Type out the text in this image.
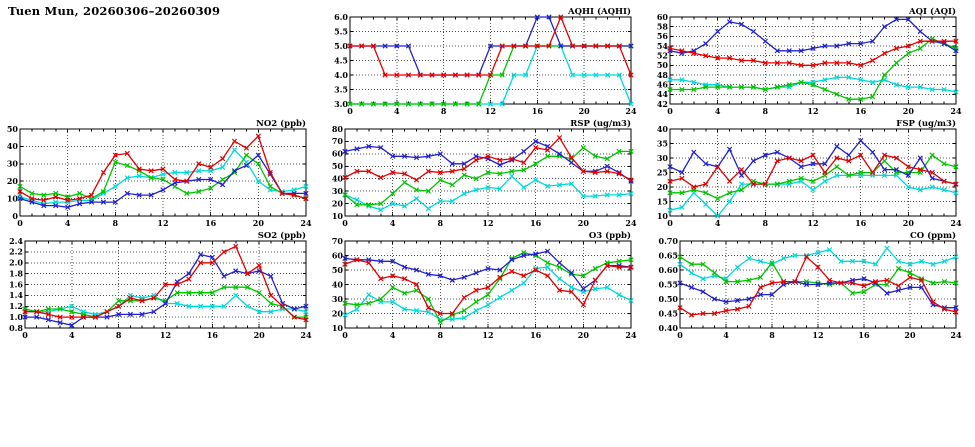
Tuen Mun, 20260306–20260309
3.0
3.5
4.0
4.5
5.0
5.5
6.0
0	4	8	12	16	20	24
AQHI (AQHI)
42
44
46
48
50
52
54
56
58
60
0	4	8	12	16	20	24
AQI (AQI)
0
10
20
30
40
50
0	4	8	12	16	20	24
NO2 (ppb)
10
20
30
40
50
60
70
80
0	4	8	12	16	20	24
RSP (ug/m3)
10
15
20
25
30
35
40
0	4	8	12	16	20	24
FSP (ug/m3)
0.8
1.0
1.2
1.4
1.6
1.8
2.0
2.2
2.4
0	4	8	12	16	20	24
SO2 (ppb)
10
20
30
40
50
60
70
0	4	8	12	16	20	24
O3 (ppb)
0.40
0.45
0.50
0.55
0.60
0.65
0.70
0	4	8	12	16	20	24
CO (ppm)
